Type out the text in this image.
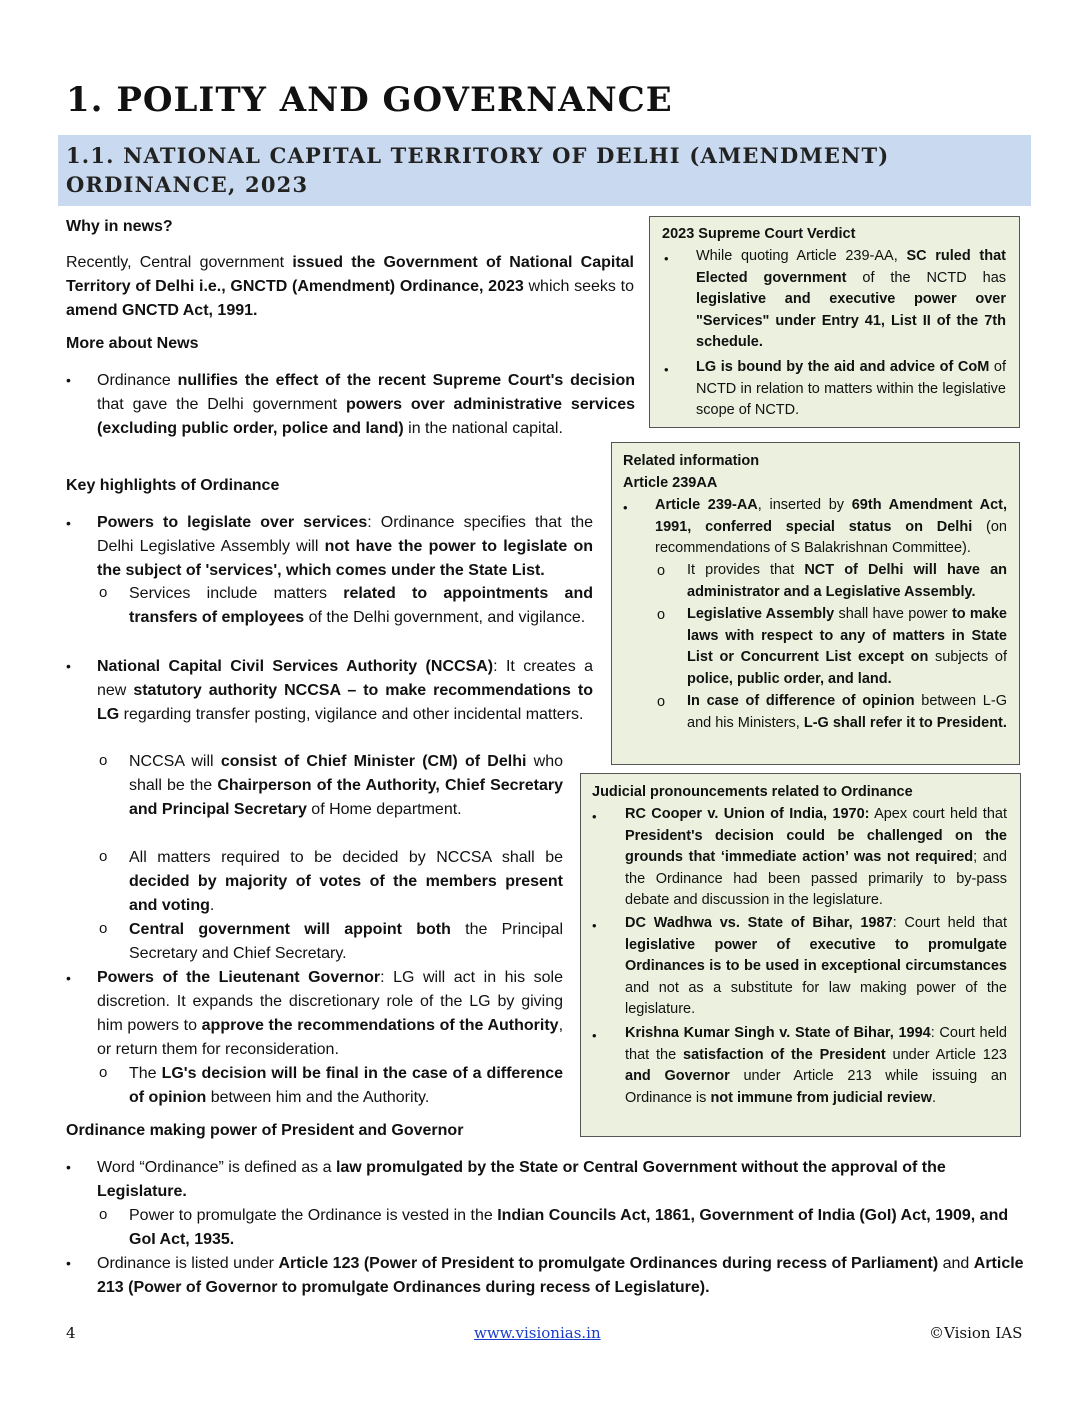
1. POLITY AND GOVERNANCE
1.1. NATIONAL CAPITAL TERRITORY OF DELHI (AMENDMENT) ORDINANCE, 2023
Why in news?
Recently, Central government issued the Government of National Capital Territory of Delhi i.e., GNCTD (Amendment) Ordinance, 2023 which seeks to amend GNCTD Act, 1991.
More about News
• Ordinance nullifies the effect of the recent Supreme Court's decision that gave the Delhi government powers over administrative services (excluding public order, police and land) in the national capital.
Key highlights of Ordinance
• Powers to legislate over services: Ordinance specifies that the Delhi Legislative Assembly will not have the power to legislate on the subject of 'services', which comes under the State List.
o Services include matters related to appointments and transfers of employees of the Delhi government, and vigilance.
• National Capital Civil Services Authority (NCCSA): It creates a new statutory authority NCCSA – to make recommendations to LG regarding transfer posting, vigilance and other incidental matters.
o NCCSA will consist of Chief Minister (CM) of Delhi who shall be the Chairperson of the Authority, Chief Secretary and Principal Secretary of Home department.
o All matters required to be decided by NCCSA shall be decided by majority of votes of the members present and voting.
o Central government will appoint both the Principal Secretary and Chief Secretary.
• Powers of the Lieutenant Governor: LG will act in his sole discretion. It expands the discretionary role of the LG by giving him powers to approve the recommendations of the Authority, or return them for reconsideration.
o The LG's decision will be final in the case of a difference of opinion between him and the Authority.
Ordinance making power of President and Governor
• Word “Ordinance” is defined as a law promulgated by the State or Central Government without the approval of the Legislature.
o Power to promulgate the Ordinance is vested in the Indian Councils Act, 1861, Government of India (GoI) Act, 1909, and GoI Act, 1935.
• Ordinance is listed under Article 123 (Power of President to promulgate Ordinances during recess of Parliament) and Article 213 (Power of Governor to promulgate Ordinances during recess of Legislature).
2023 Supreme Court Verdict
• While quoting Article 239-AA, SC ruled that Elected government of the NCTD has legislative and executive power over "Services" under Entry 41, List II of the 7th schedule.
• LG is bound by the aid and advice of CoM of NCTD in relation to matters within the legislative scope of NCTD.
Related information
Article 239AA
• Article 239-AA, inserted by 69th Amendment Act, 1991, conferred special status on Delhi (on recommendations of S Balakrishnan Committee).
o It provides that NCT of Delhi will have an administrator and a Legislative Assembly.
o Legislative Assembly shall have power to make laws with respect to any of matters in State List or Concurrent List except on subjects of police, public order, and land.
o In case of difference of opinion between L-G and his Ministers, L-G shall refer it to President.
Judicial pronouncements related to Ordinance
• RC Cooper v. Union of India, 1970: Apex court held that President's decision could be challenged on the grounds that ‘immediate action’ was not required; and the Ordinance had been passed primarily to by-pass debate and discussion in the legislature.
• DC Wadhwa vs. State of Bihar, 1987: Court held that legislative power of executive to promulgate Ordinances is to be used in exceptional circumstances and not as a substitute for law making power of the legislature.
• Krishna Kumar Singh v. State of Bihar, 1994: Court held that the satisfaction of the President under Article 123 and Governor under Article 213 while issuing an Ordinance is not immune from judicial review.
4	www.visionias.in	©Vision IAS
